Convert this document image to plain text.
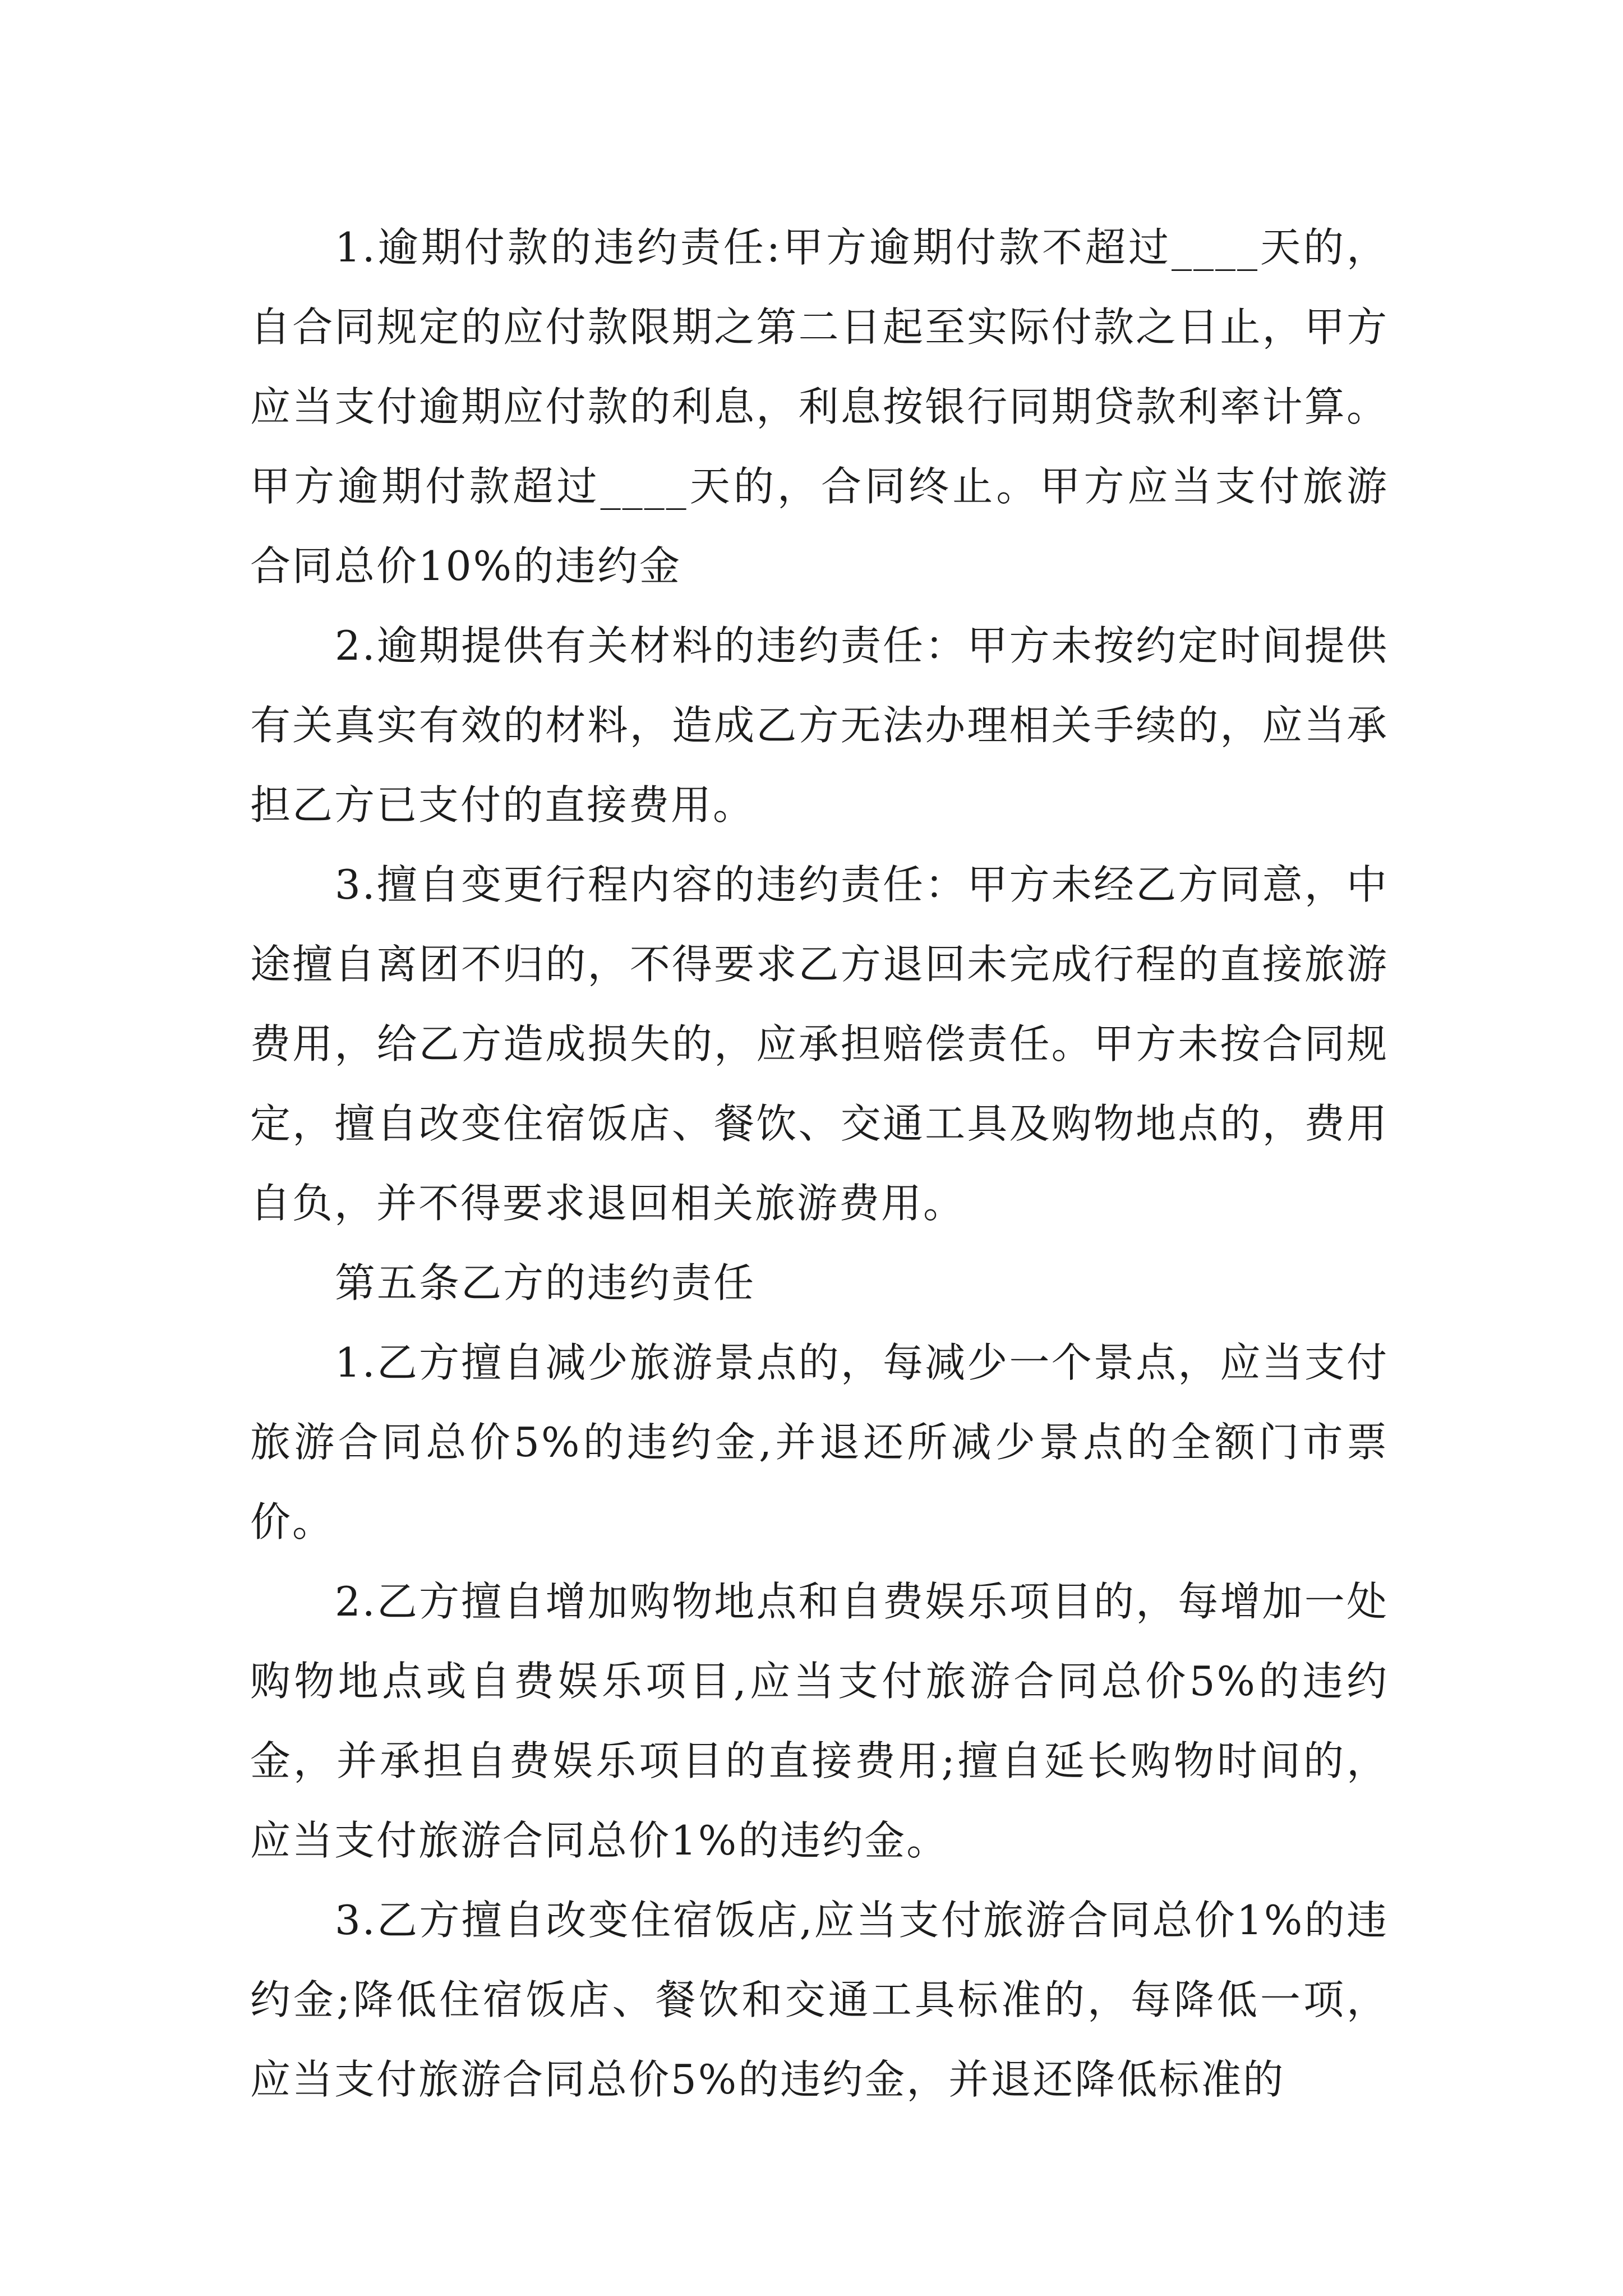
1.逾期付款的违约责任:甲方逾期付款不超过____天的，自合同规定的应付款限期之第二日起至实际付款之日止，甲方应当支付逾期应付款的利息，利息按银行同期贷款利率计算。甲方逾期付款超过____天的，合同终止。甲方应当支付旅游合同总价10%的违约金

2.逾期提供有关材料的违约责任：甲方未按约定时间提供有关真实有效的材料，造成乙方无法办理相关手续的，应当承担乙方已支付的直接费用。

3.擅自变更行程内容的违约责任：甲方未经乙方同意，中途擅自离团不归的，不得要求乙方退回未完成行程的直接旅游费用，给乙方造成损失的，应承担赔偿责任。甲方未按合同规定，擅自改变住宿饭店、餐饮、交通工具及购物地点的，费用自负，并不得要求退回相关旅游费用。

第五条乙方的违约责任

1.乙方擅自减少旅游景点的，每减少一个景点，应当支付旅游合同总价5%的违约金,并退还所减少景点的全额门市票价。

2.乙方擅自增加购物地点和自费娱乐项目的，每增加一处购物地点或自费娱乐项目,应当支付旅游合同总价5%的违约金，并承担自费娱乐项目的直接费用;擅自延长购物时间的，应当支付旅游合同总价1%的违约金。

3.乙方擅自改变住宿饭店,应当支付旅游合同总价1%的违约金;降低住宿饭店、餐饮和交通工具标准的，每降低一项，应当支付旅游合同总价5%的违约金，并退还降低标准的
